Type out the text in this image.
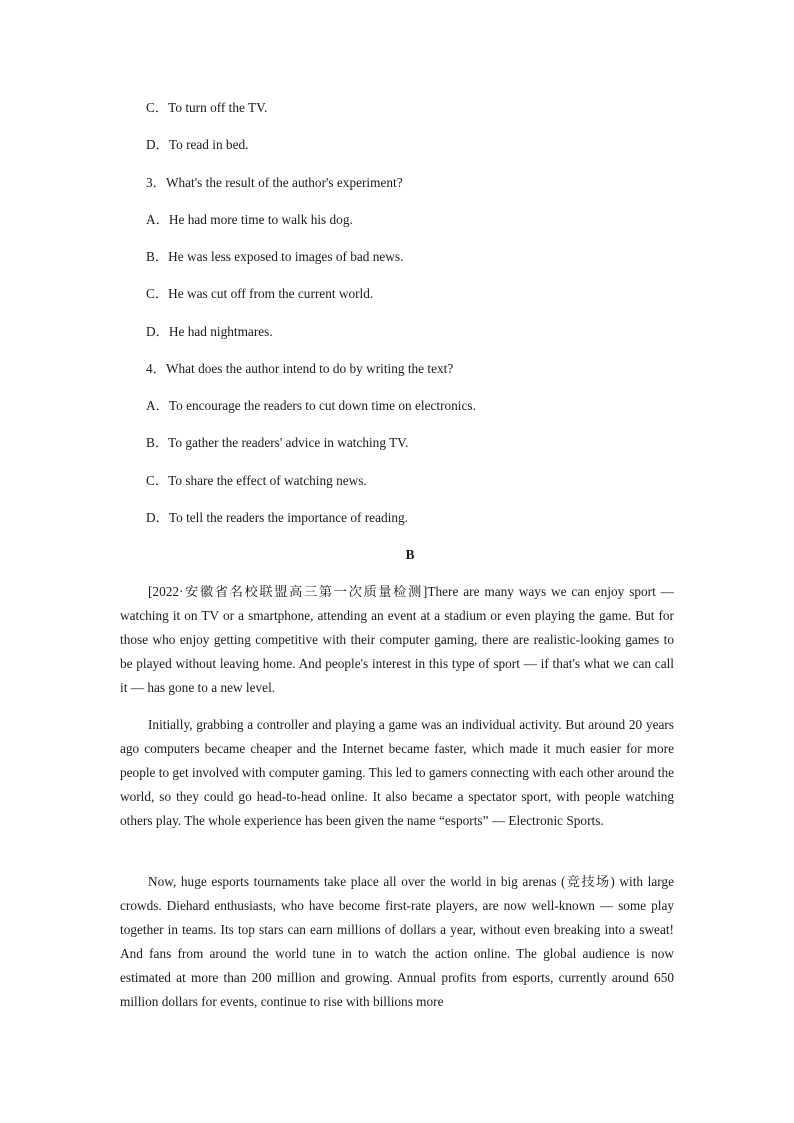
C．To turn off the TV.
D．To read in bed.
3．What's the result of the author's experiment?
A．He had more time to walk his dog.
B．He was less exposed to images of bad news.
C．He was cut off from the current world.
D．He had nightmares.
4．What does the author intend to do by writing the text?
A．To encourage the readers to cut down time on electronics.
B．To gather the readers' advice in watching TV.
C．To share the effect of watching news.
D．To tell the readers the importance of reading.
B

[2022·安徽省名校联盟高三第一次质量检测]There are many ways we can enjoy sport — watching it on TV or a smartphone, attending an event at a stadium or even playing the game. But for those who enjoy getting competitive with their computer gaming, there are realistic-looking games to be played without leaving home. And people's interest in this type of sport — if that's what we can call it — has gone to a new level.

Initially, grabbing a controller and playing a game was an individual activity. But around 20 years ago computers became cheaper and the Internet became faster, which made it much easier for more people to get involved with computer gaming. This led to gamers connecting with each other around the world, so they could go head-to-head online. It also became a spectator sport, with people watching others play. The whole experience has been given the name “esports” — Electronic Sports.

Now, huge esports tournaments take place all over the world in big arenas (竞技场) with large crowds. Diehard enthusiasts, who have become first-rate players, are now well-known — some play together in teams. Its top stars can earn millions of dollars a year, without even breaking into a sweat! And fans from around the world tune in to watch the action online. The global audience is now estimated at more than 200 million and growing. Annual profits from esports, currently around 650 million dollars for events, continue to rise with billions more
